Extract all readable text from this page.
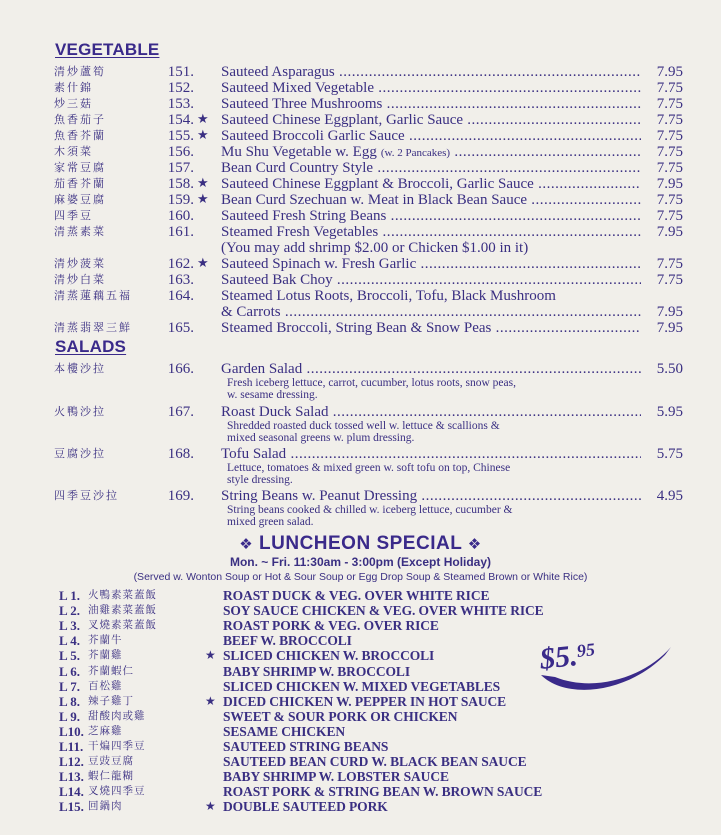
VEGETABLE
清炒蘆筍	151. Sauteed Asparagus .....	7.95
素什錦	152. Sauteed Mixed Vegetable .....	7.75
炒三菇	153. Sauteed Three Mushrooms .....	7.75
魚香茄子	154. ★ Sauteed Chinese Eggplant, Garlic Sauce .....	7.75
魚香芥蘭	155. ★ Sauteed Broccoli Garlic Sauce .....	7.75
木須菜	156. Mu Shu Vegetable w. Egg (w. 2 Pancakes) .....	7.75
家常豆腐	157. Bean Curd Country Style .....	7.75
茄香芥蘭	158. ★ Sauteed Chinese Eggplant & Broccoli, Garlic Sauce .....	7.95
麻婆豆腐	159. ★ Bean Curd Szechuan w. Meat in Black Bean Sauce .....	7.75
四季豆	160. Sauteed Fresh String Beans .....	7.75
清蒸素菜	161. Steamed Fresh Vegetables .....	7.95
清炒菠菜	162. ★ Sauteed Spinach w. Fresh Garlic .....	7.75
清炒白菜	163. Sauteed Bak Choy .....	7.75
清蒸蓮藕五福	164. Steamed Lotus Roots, Broccoli, Tofu, Black Mushroom
& Carrots .....	7.95
清蒸翡翠三鮮	165. Steamed Broccoli, String Bean & Snow Peas .....	7.95
(You may add shrimp $2.00 or Chicken $1.00 in it)
SALADS
本樓沙拉	166. Garden Salad .....	5.50
Fresh iceberg lettuce, carrot, cucumber, lotus roots, snow peas,
w. sesame dressing.
火鴨沙拉	167. Roast Duck Salad .....	5.95
Shredded roasted duck tossed well w. lettuce & scallions &
mixed seasonal greens w. plum dressing.
豆腐沙拉	168. Tofu Salad .....	5.75
Lettuce, tomatoes & mixed green w. soft tofu on top, Chinese
style dressing.
四季豆沙拉	169. String Beans w. Peanut Dressing .....	4.95
String beans cooked & chilled w. iceberg lettuce, cucumber &
mixed green salad.
❖ LUNCHEON SPECIAL ❖
Mon. ~ Fri. 11:30am - 3:00pm (Except Holiday)
(Served w. Wonton Soup or Hot & Sour Soup or Egg Drop Soup & Steamed Brown or White Rice)
L 1. 火鴨素菜蓋飯	ROAST DUCK & VEG. OVER WHITE RICE
L 2. 油雞素菜蓋飯	SOY SAUCE CHICKEN & VEG. OVER WHITE RICE
L 3. 叉燒素菜蓋飯	ROAST PORK & VEG. OVER RICE
L 4. 芥蘭牛	BEEF W. BROCCOLI
L 5. 芥蘭雞	★ SLICED CHICKEN W. BROCCOLI
L 6. 芥蘭蝦仁	BABY SHRIMP W. BROCCOLI
L 7. 百松雞	SLICED CHICKEN W. MIXED VEGETABLES
L 8. 辣子雞丁	★ DICED CHICKEN W. PEPPER IN HOT SAUCE
L 9. 甜酸肉或雞	SWEET & SOUR PORK OR CHICKEN
L10. 芝麻雞	SESAME CHICKEN
L11. 干煸四季豆	SAUTEED STRING BEANS
L12. 豆豉豆腐	SAUTEED BEAN CURD W. BLACK BEAN SAUCE
L13. 蝦仁龍糊	BABY SHRIMP W. LOBSTER SAUCE
L14. 叉燒四季豆	ROAST PORK & STRING BEAN W. BROWN SAUCE
L15. 回鍋肉	★ DOUBLE SAUTEED PORK
$5.95
